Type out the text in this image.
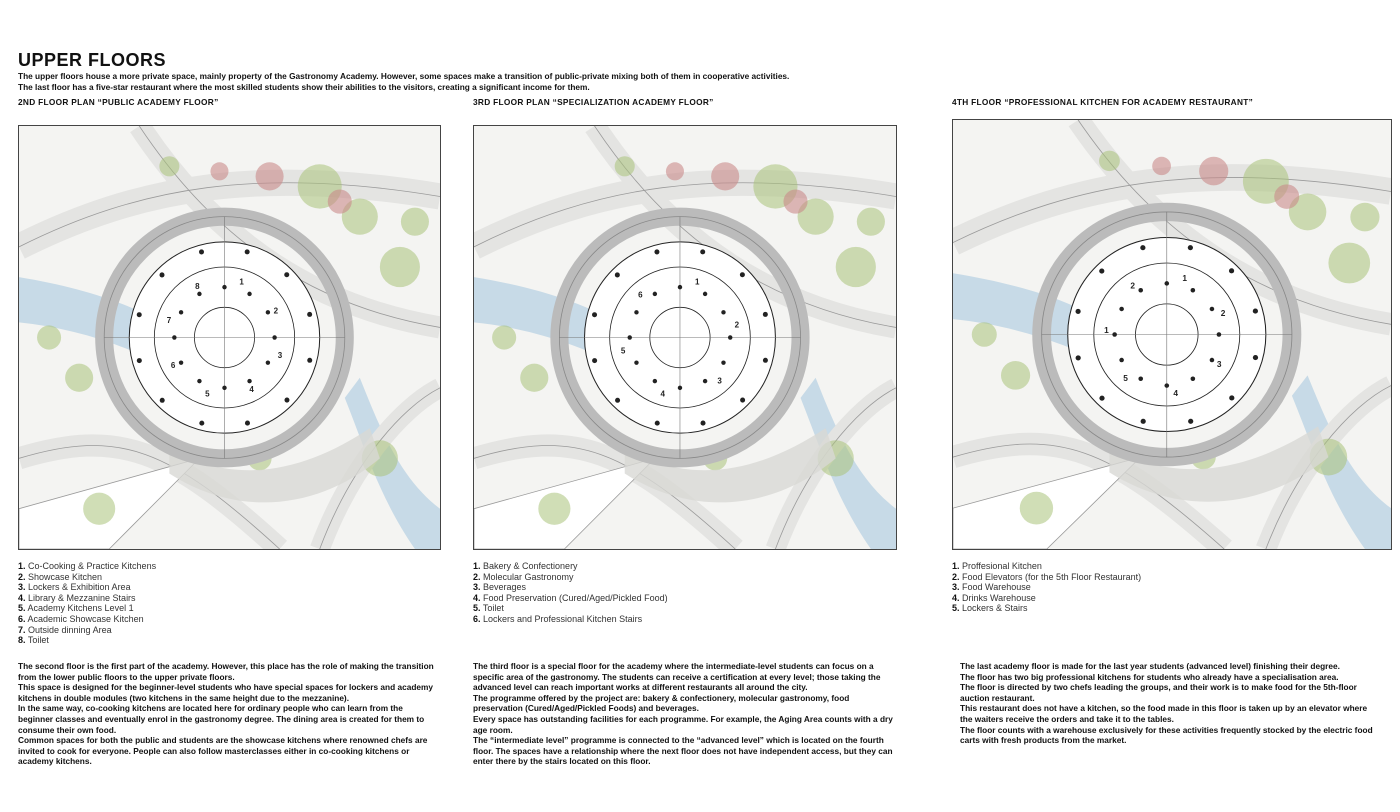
UPPER FLOORS

The upper floors house a more private space, mainly property of the Gastronomy Academy. However, some spaces make a transition of public-private mixing both of them in cooperative activities.

The last floor has a five-star restaurant where the most skilled students show their abilities to the visitors, creating a significant income for them.

2ND FLOOR PLAN “PUBLIC ACADEMY FLOOR”	3RD FLOOR PLAN “SPECIALIZATION ACADEMY FLOOR”	4TH FLOOR “PROFESSIONAL KITCHEN FOR ACADEMY RESTAURANT”
1
2
3
4
5
6
7
8	1
2
3
4
5
6
1
2
3
4
5
1
2
1. Co-Cooking & Practice Kitchens
2. Showcase Kitchen
3. Lockers & Exhibition Area
4. Library & Mezzanine Stairs
5. Academy Kitchens Level 1
6. Academic Showcase Kitchen
7. Outside dinning Area
8. Toilet
1. Bakery & Confectionery
2. Molecular Gastronomy
3. Beverages
4. Food Preservation (Cured/Aged/Pickled Food)
5. Toilet
6. Lockers and Professional Kitchen Stairs
1. Proffesional Kitchen
2. Food Elevators (for the 5th Floor Restaurant)
3. Food Warehouse
4. Drinks Warehouse
5. Lockers & Stairs

The second floor is the first part of the academy. However, this place has the role of making the transition from the lower public floors to the upper private floors.

This space is designed for the beginner-level students who have special spaces for lockers and academy kitchens in double modules (two kitchens in the same height due to the mezzanine).

In the same way, co-cooking kitchens are located here for ordinary people who can learn from the beginner classes and eventually enrol in the gastronomy degree. The dining area is created for them to consume their own food.

Common spaces for both the public and students are the showcase kitchens where renowned chefs are invited to cook for everyone. People can also follow masterclasses either in co-cooking kitchens or academy kitchens.

The third floor is a special floor for the academy where the intermediate-level students can focus on a specific area of the gastronomy. The students can receive a certification at every level; those taking the advanced level can reach important works at different restaurants all around the city.

The programme offered by the project are: bakery & confectionery, molecular gastronomy, food preservation (Cured/Aged/Pickled Foods) and beverages.

Every space has outstanding facilities for each programme. For example, the Aging Area counts with a dry age room.

The “intermediate level” programme is connected to the “advanced level” which is located on the fourth floor. The spaces have a relationship where the next floor does not have independent access, but they can enter there by the stairs located on this floor.

The last academy floor is made for the last year students (advanced level) finishing their degree.

The floor has two big professional kitchens for students who already have a specialisation area.

The floor is directed by two chefs leading the groups, and their work is to make food for the 5th-floor auction restaurant.

This restaurant does not have a kitchen, so the food made in this floor is taken up by an elevator where the waiters receive the orders and take it to the tables.

The floor counts with a warehouse exclusively for these activities frequently stocked by the electric food carts with fresh products from the market.
